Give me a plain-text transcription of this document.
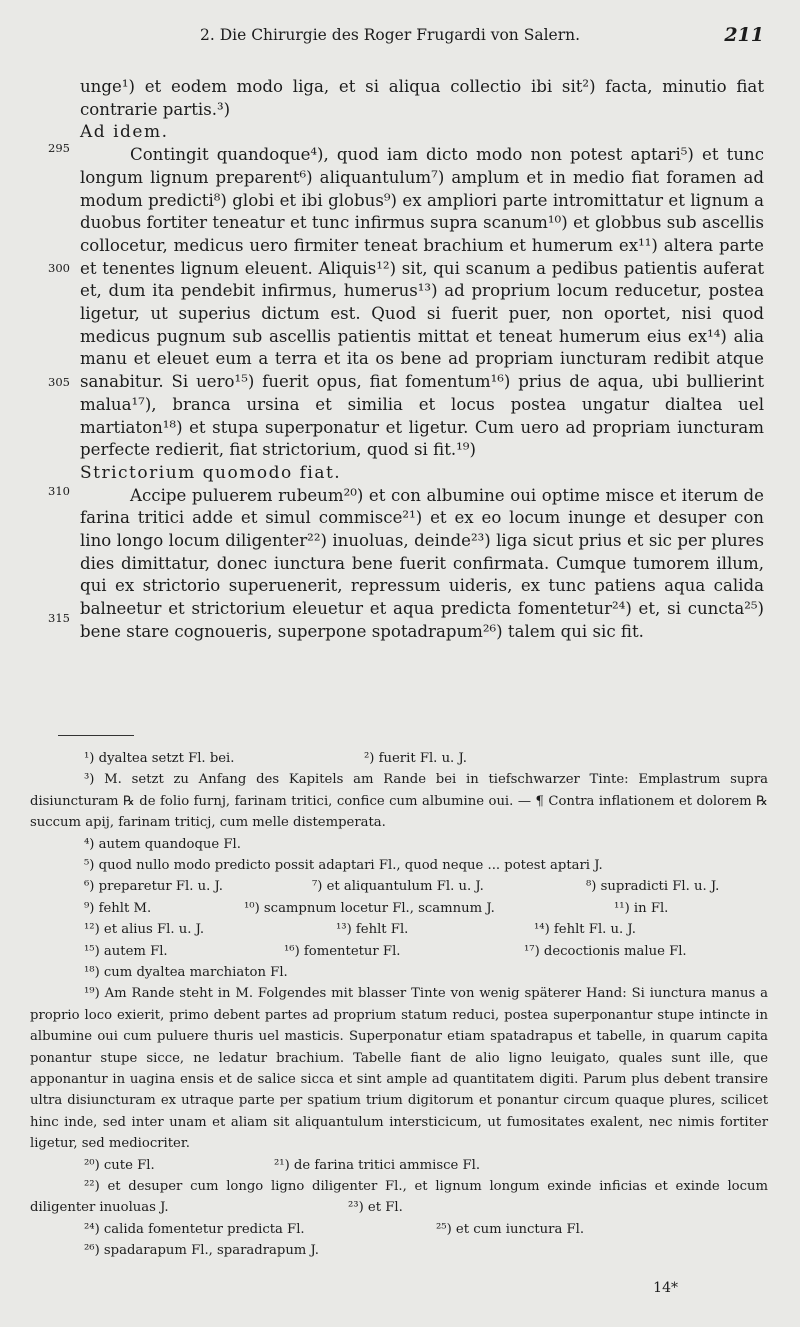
2. Die Chirurgie des Roger Frugardi von Salern.	211
295
300
305
310
315

unge¹) et eodem modo liga, et si aliqua collectio ibi sit²) facta, minutio fiat contrarie partis.³)

Ad idem.

Contingit quandoque⁴), quod iam dicto modo non potest aptari⁵) et tunc longum lignum preparent⁶) aliquantulum⁷) amplum et in medio fiat foramen ad modum predicti⁸) globi et ibi globus⁹) ex ampliori parte intromittatur et lignum a duobus fortiter teneatur et tunc infirmus supra scanum¹⁰) et globbus sub ascellis collocetur, medicus uero firmiter teneat brachium et humerum ex¹¹) altera parte et tenentes lignum eleuent. Aliquis¹²) sit, qui scanum a pedibus patientis auferat et, dum ita pendebit infirmus, humerus¹³) ad proprium locum reducetur, postea ligetur, ut superius dictum est. Quod si fuerit puer, non oportet, nisi quod medicus pugnum sub ascellis patientis mittat et teneat humerum eius ex¹⁴) alia manu et eleuet eum a terra et ita os bene ad propriam iuncturam redibit atque sanabitur. Si uero¹⁵) fuerit opus, fiat fomentum¹⁶) prius de aqua, ubi bullierint malua¹⁷), branca ursina et similia et locus postea ungatur dialtea uel martiaton¹⁸) et stupa superponatur et ligetur. Cum uero ad propriam iuncturam perfecte redierit, fiat strictorium, quod si fit.¹⁹)

Strictorium quomodo fiat.

Accipe puluerem rubeum²⁰) et con albumine oui optime misce et iterum de farina tritici adde et simul commisce²¹) et ex eo locum inunge et desuper con lino longo locum diligenter²²) inuoluas, deinde²³) liga sicut prius et sic per plures dies dimittatur, donec iunctura bene fuerit confirmata. Cumque tumorem illum, qui ex strictorio superuenerit, repressum uideris, ex tunc patiens aqua calida balneetur et strictorium eleuetur et aqua predicta fomentetur²⁴) et, si cuncta²⁵) bene stare cognoueris, superpone spotadrapum²⁶) talem qui sic fit.

¹) dyaltea setzt Fl. bei.	²) fuerit Fl. u. J.
³) M. setzt zu Anfang des Kapitels am Rande bei in tiefschwarzer Tinte: Emplastrum supra disiuncturam ℞ de folio furnj, farinam tritici, confice cum albumine oui. — ¶ Contra inflationem et dolorem ℞ succum apij, farinam triticj, cum melle distemperata.
⁴) autem quandoque Fl.
⁵) quod nullo modo predicto possit adaptari Fl., quod neque ... potest aptari J.
⁶) preparetur Fl. u. J.	⁷) et aliquantulum Fl. u. J.	⁸) supradicti Fl. u. J.
⁹) fehlt M.	¹⁰) scampnum locetur Fl., scamnum J.	¹¹) in Fl.
¹²) et alius Fl. u. J.	¹³) fehlt Fl.	¹⁴) fehlt Fl. u. J.
¹⁵) autem Fl.	¹⁶) fomentetur Fl.	¹⁷) decoctionis malue Fl.
¹⁸) cum dyaltea marchiaton Fl.
¹⁹) Am Rande steht in M. Folgendes mit blasser Tinte von wenig späterer Hand: Si iunctura manus a proprio loco exierit, primo debent partes ad proprium statum reduci, postea superponantur stupe intincte in albumine oui cum puluere thuris uel masticis. Superponatur etiam spatadrapus et tabelle, in quarum capita ponantur stupe sicce, ne ledatur brachium. Tabelle fiant de alio ligno leuigato, quales sunt ille, que apponantur in uagina ensis et de salice sicca et sint ample ad quantitatem digiti. Parum plus debent transire ultra disiuncturam ex utraque parte per spatium trium digitorum et ponantur circum quaque plures, scilicet hinc inde, sed inter unam et aliam sit aliquantulum intersticicum, ut fumositates exalent, nec nimis fortiter ligetur, sed mediocriter.
²⁰) cute Fl.	²¹) de farina tritici ammisce Fl.
²²) et desuper cum longo ligno diligenter Fl., et lignum longum exinde inficias et exinde locum diligenter inuoluas J.	²³) et Fl.
²⁴) calida fomentetur predicta Fl.	²⁵) et cum iunctura Fl.
²⁶) spadarapum Fl., sparadrapum J.
14*
